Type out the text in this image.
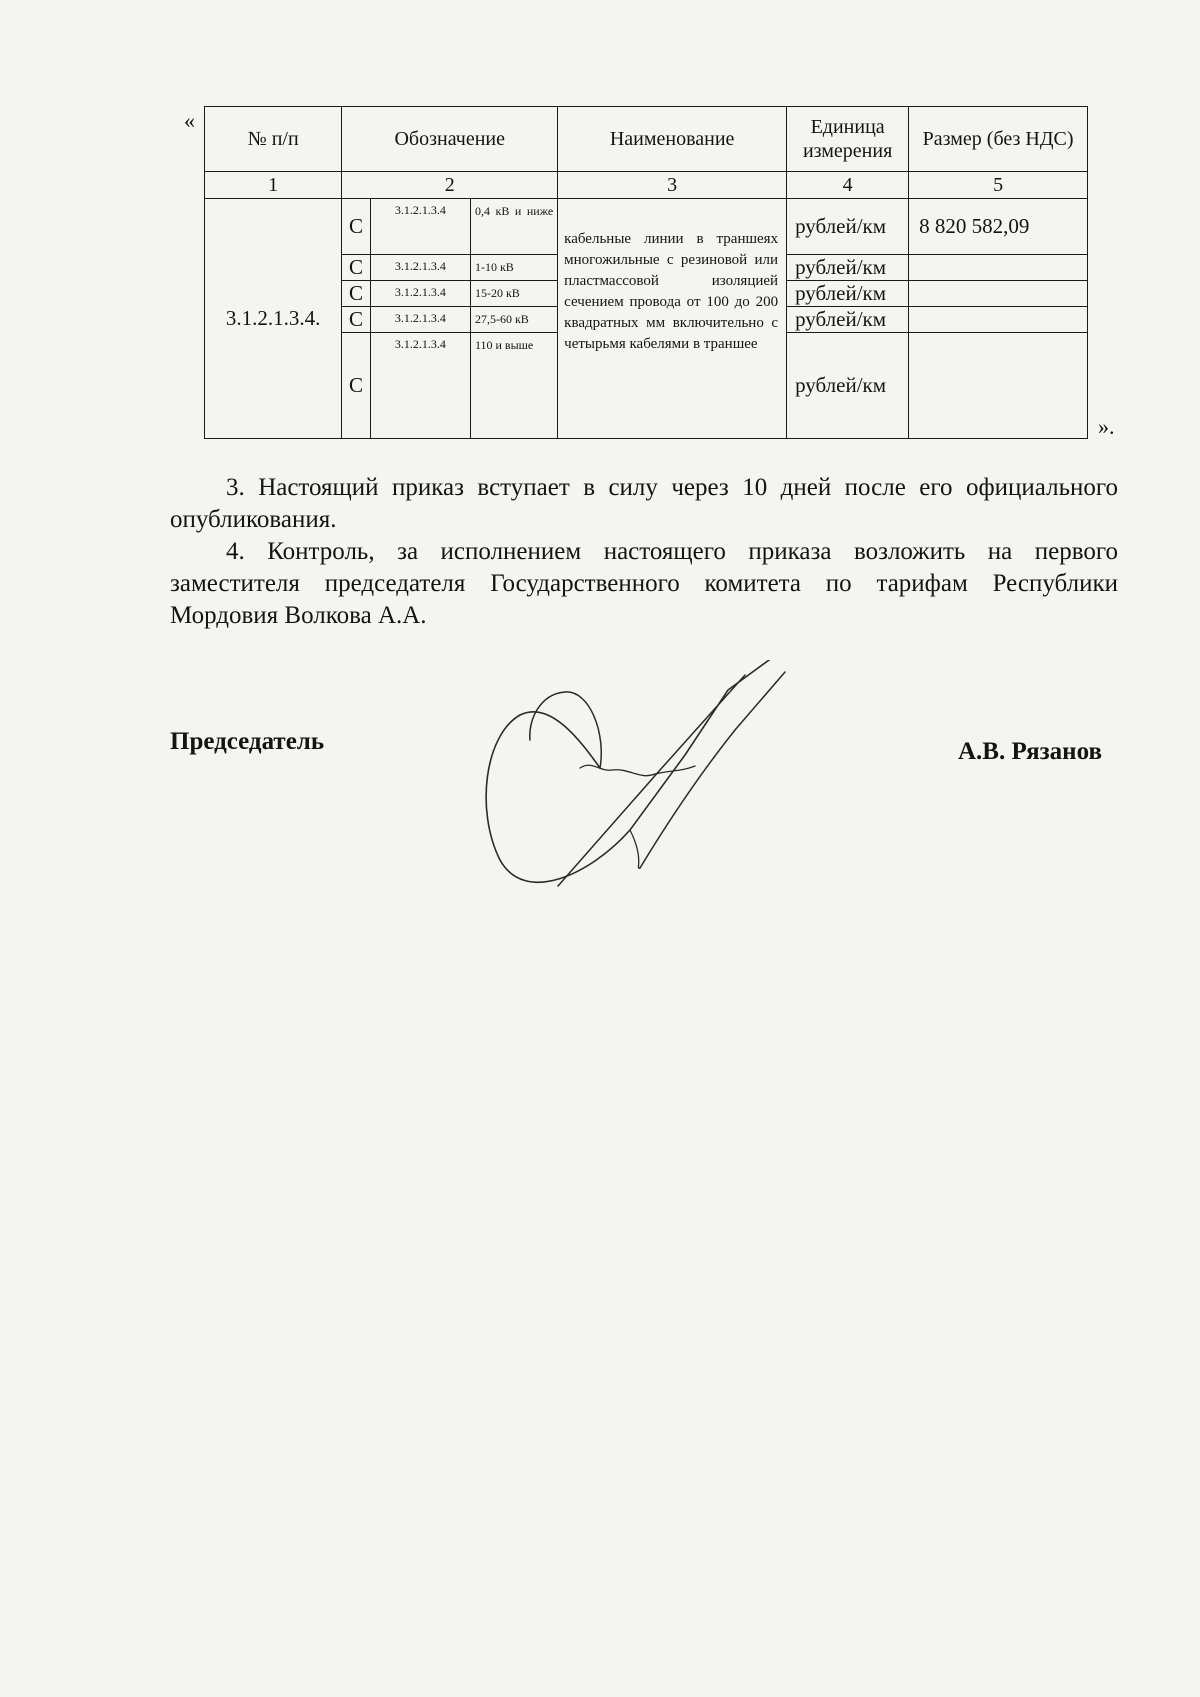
«
№ п/п	Обозначение			Наименование	Единица измерения	Размер (без НДС)
1	2			3	4	5
3.1.2.1.3.4.	С	3.1.2.1.3.4	0,4 кВ и ниже	кабельные линии в траншеях многожильные с резиновой или пластмассовой изоляцией сечением провода от 100 до 200 квадратных мм включительно с четырьмя кабелями в траншее	рублей/км	8 820 582,09
	С	3.1.2.1.3.4	1-10 кВ		рублей/км	
	С	3.1.2.1.3.4	15-20 кВ		рублей/км	
	С	3.1.2.1.3.4	27,5-60 кВ		рублей/км	
	С	3.1.2.1.3.4	110 и выше		рублей/км	
».

3. Настоящий приказ вступает в силу через 10 дней после его официального опубликования.

4. Контроль, за исполнением настоящего приказа возложить на первого заместителя председателя Государственного комитета по тарифам Республики Мордовия Волкова А.А.

Председатель	А.В. Рязанов
